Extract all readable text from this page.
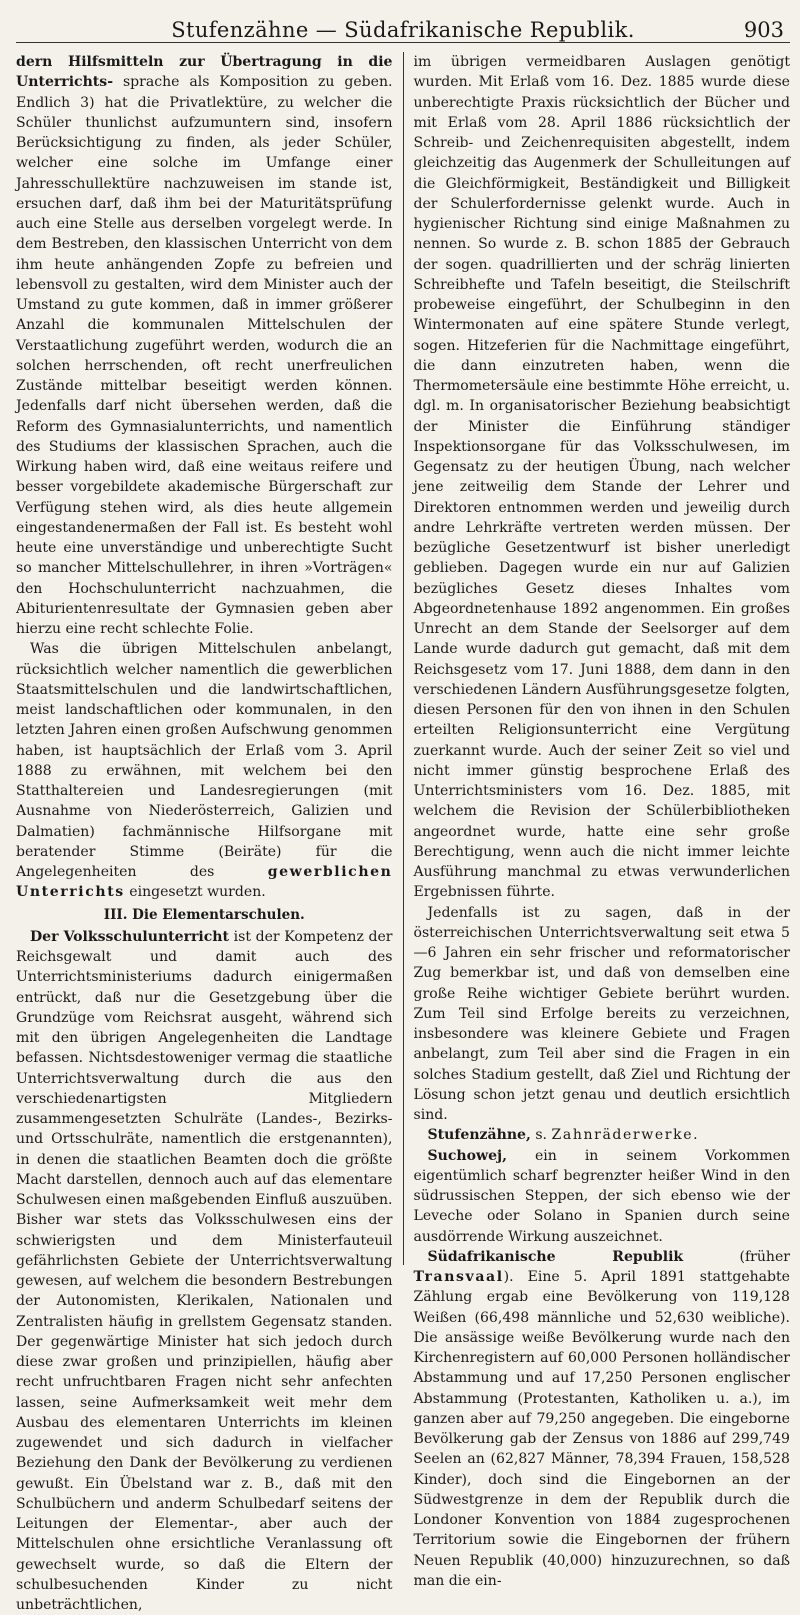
Stufenzähne — Südafrikanische Republik.	903

dern Hilfsmitteln zur Übertragung in die Unterrichts- sprache als Komposition zu geben. Endlich 3) hat die Privatlektüre, zu welcher die Schüler thunlichst aufzumuntern sind, insofern Berücksichtigung zu finden, als jeder Schüler, welcher eine solche im Umfange einer Jahresschullektüre nachzuweisen im stande ist, ersuchen darf, daß ihm bei der Maturitätsprüfung auch eine Stelle aus derselben vorgelegt werde. In dem Bestreben, den klassischen Unterricht von dem ihm heute anhängenden Zopfe zu befreien und lebensvoll zu gestalten, wird dem Minister auch der Umstand zu gute kommen, daß in immer größerer Anzahl die kommunalen Mittelschulen der Verstaatlichung zugeführt werden, wodurch die an solchen herrschenden, oft recht unerfreulichen Zustände mittelbar beseitigt werden können. Jedenfalls darf nicht übersehen werden, daß die Reform des Gymnasialunterrichts, und namentlich des Studiums der klassischen Sprachen, auch die Wirkung haben wird, daß eine weitaus reifere und besser vorgebildete akademische Bürgerschaft zur Verfügung stehen wird, als dies heute allgemein eingestandenermaßen der Fall ist. Es besteht wohl heute eine unverständige und unberechtigte Sucht so mancher Mittelschullehrer, in ihren »Vorträgen« den Hochschulunterricht nachzuahmen, die Abiturientenresultate der Gymnasien geben aber hierzu eine recht schlechte Folie.

Was die übrigen Mittelschulen anbelangt, rücksichtlich welcher namentlich die gewerblichen Staatsmittelschulen und die landwirtschaftlichen, meist landschaftlichen oder kommunalen, in den letzten Jahren einen großen Aufschwung genommen haben, ist hauptsächlich der Erlaß vom 3. April 1888 zu erwähnen, mit welchem bei den Statthaltereien und Landesregierungen (mit Ausnahme von Niederösterreich, Galizien und Dalmatien) fachmännische Hilfsorgane mit beratender Stimme (Beiräte) für die Angelegenheiten des	gewerblichen Unterrichts eingesetzt wurden.

III. Die Elementarschulen.

Der Volksschulunterricht ist der Kompetenz der Reichsgewalt und damit auch des Unterrichtsministeriums dadurch einigermaßen entrückt, daß nur die Gesetzgebung über die Grundzüge vom Reichsrat ausgeht, während sich mit den übrigen Angelegenheiten die Landtage befassen. Nichtsdestoweniger vermag die staatliche Unterrichtsverwaltung durch die aus den verschiedenartigsten Mitgliedern zusammengesetzten Schulräte (Landes-, Bezirks- und Ortsschulräte, namentlich die erstgenannten), in denen die staatlichen Beamten doch die größte Macht darstellen, dennoch auch auf das elementare Schulwesen einen maßgebenden Einfluß auszuüben. Bisher war stets das Volksschulwesen eins der schwierigsten und dem Ministerfauteuil gefährlichsten Gebiete der Unterrichtsverwaltung gewesen, auf welchem die besondern Bestrebungen der Autonomisten, Klerikalen, Nationalen und Zentralisten häufig in grellstem Gegensatz standen. Der gegenwärtige Minister hat sich jedoch durch diese zwar großen und prinzipiellen, häufig aber recht unfruchtbaren Fragen nicht sehr anfechten lassen, seine Aufmerksamkeit weit mehr dem Ausbau des elementaren Unterrichts im kleinen zugewendet und sich dadurch in vielfacher Beziehung den Dank der Bevölkerung zu verdienen gewußt. Ein Übelstand war z. B., daß mit den Schulbüchern und anderm Schulbedarf seitens der Leitungen der Elementar-, aber auch der Mittelschulen ohne ersichtliche Veranlassung oft gewechselt wurde, so daß die Eltern der schulbesuchenden Kinder zu nicht unbeträchtlichen,

im übrigen vermeidbaren Auslagen genötigt wurden. Mit Erlaß vom 16. Dez. 1885 wurde diese unberechtigte Praxis rücksichtlich der Bücher und mit Erlaß vom 28. April 1886 rücksichtlich der Schreib- und Zeichenrequisiten abgestellt, indem gleichzeitig das Augenmerk der Schulleitungen auf die Gleichförmigkeit, Beständigkeit und Billigkeit der Schulerfordernisse gelenkt wurde. Auch in hygienischer Richtung sind einige Maßnahmen zu nennen. So wurde z. B. schon 1885 der Gebrauch der sogen. quadrillierten und der schräg linierten Schreibhefte und Tafeln beseitigt, die Steilschrift probeweise eingeführt, der Schulbeginn in den Wintermonaten auf eine spätere Stunde verlegt, sogen. Hitzeferien für die Nachmittage eingeführt, die dann einzutreten haben, wenn die Thermometersäule eine bestimmte Höhe erreicht, u. dgl. m. In organisatorischer Beziehung beabsichtigt der Minister die Einführung ständiger Inspektionsorgane für das Volksschulwesen, im Gegensatz zu der heutigen Übung, nach welcher jene zeitweilig dem Stande der Lehrer und Direktoren entnommen werden und jeweilig durch andre Lehrkräfte vertreten werden müssen. Der bezügliche Gesetzentwurf ist bisher unerledigt geblieben. Dagegen wurde ein nur auf Galizien bezügliches Gesetz dieses Inhaltes vom Abgeordnetenhause 1892 angenommen. Ein großes Unrecht an dem Stande der Seelsorger auf dem Lande wurde dadurch gut gemacht, daß mit dem Reichsgesetz vom 17. Juni 1888, dem dann in den verschiedenen Ländern Ausführungsgesetze folgten, diesen Personen für den von ihnen in den Schulen erteilten Religionsunterricht eine Vergütung zuerkannt wurde. Auch der seiner Zeit so viel und nicht immer günstig besprochene Erlaß des Unterrichtsministers vom 16. Dez. 1885, mit welchem die Revision der Schülerbibliotheken angeordnet wurde, hatte eine sehr große Berechtigung, wenn auch die nicht immer leichte Ausführung manchmal zu etwas verwunderlichen Ergebnissen führte.

Jedenfalls ist zu sagen, daß in der österreichischen Unterrichtsverwaltung seit etwa 5—6 Jahren ein sehr frischer und reformatorischer Zug bemerkbar ist, und daß von demselben eine große Reihe wichtiger Gebiete berührt wurden. Zum Teil sind Erfolge bereits zu verzeichnen, insbesondere was kleinere Gebiete und Fragen anbelangt, zum Teil aber sind die Fragen in ein solches Stadium gestellt, daß Ziel und Richtung der Lösung schon jetzt genau und deutlich ersichtlich sind.

Stufenzähne, s. Zahnräderwerke.

Suchowej, ein in seinem Vorkommen eigentümlich scharf begrenzter heißer Wind in den südrussischen Steppen, der sich ebenso wie der Leveche oder Solano in Spanien durch seine ausdörrende Wirkung auszeichnet.

Südafrikanische Republik	(früher Transvaal). Eine 5. April 1891 stattgehabte Zählung ergab eine Bevölkerung von 119,128 Weißen (66,498 männliche und 52,630 weibliche). Die ansässige weiße Bevölkerung wurde nach den Kirchenregistern auf 60,000 Personen holländischer Abstammung und auf 17,250 Personen englischer Abstammung (Protestanten, Katholiken u. a.), im ganzen aber auf 79,250 angegeben. Die eingeborne Bevölkerung gab der Zensus von 1886 auf 299,749 Seelen an (62,827 Männer, 78,394 Frauen, 158,528 Kinder), doch sind die Eingebornen an der Südwestgrenze in dem der Republik durch die Londoner Konvention von 1884 zugesprochenen Territorium sowie die Eingebornen der frühern Neuen Republik (40,000) hinzuzurechnen, so daß man die ein-
